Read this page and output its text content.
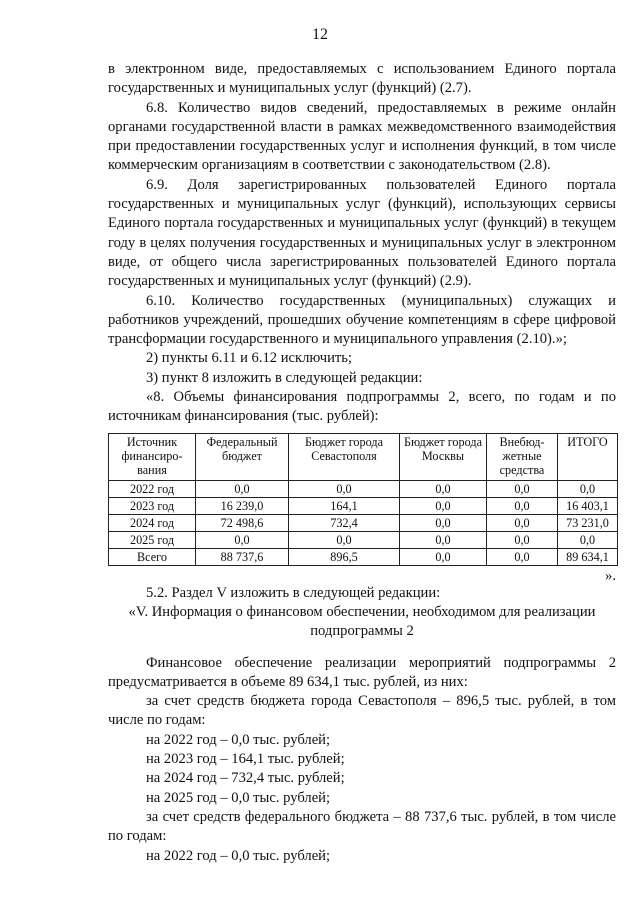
12

в электронном виде, предоставляемых с использованием Единого портала государственных и муниципальных услуг (функций) (2.7).

6.8. Количество видов сведений, предоставляемых в режиме онлайн органами государственной власти в рамках межведомственного взаимодействия при предоставлении государственных услуг и исполнения функций, в том числе коммерческим организациям в соответствии с законодательством (2.8).

6.9. Доля зарегистрированных пользователей Единого портала государственных и муниципальных услуг (функций), использующих сервисы Единого портала государственных и муниципальных услуг (функций) в текущем году в целях получения государственных и муниципальных услуг в электронном виде, от общего числа зарегистрированных пользователей Единого портала государственных и муниципальных услуг (функций) (2.9).

6.10. Количество государственных (муниципальных) служащих и работников учреждений, прошедших обучение компетенциям в сфере цифровой трансформации государственного и муниципального управления (2.10).»;

2) пункты 6.11 и 6.12 исключить;

3) пункт 8 изложить в следующей редакции:

«8. Объемы финансирования подпрограммы 2, всего, по годам и по источникам финансирования (тыс. рублей):

Источник финансиро-вания	Федеральный бюджет	Бюджет города Севастополя	Бюджет города Москвы	Внебюд-жетные средства	ИТОГО
2022 год	0,0	0,0	0,0	0,0	0,0
2023 год	16 239,0	164,1	0,0	0,0	16 403,1
2024 год	72 498,6	732,4	0,0	0,0	73 231,0
2025 год	0,0	0,0	0,0	0,0	0,0
Всего	88 737,6	896,5	0,0	0,0	89 634,1
».

5.2. Раздел V изложить в следующей редакции:

«V. Информация о финансовом обеспечении, необходимом для реализации подпрограммы 2

Финансовое обеспечение реализации мероприятий подпрограммы 2 предусматривается в объеме 89 634,1 тыс. рублей, из них:

за счет средств бюджета города Севастополя – 896,5 тыс. рублей, в том числе по годам:

на 2022 год – 0,0 тыс. рублей;

на 2023 год – 164,1 тыс. рублей;

на 2024 год – 732,4 тыс. рублей;

на 2025 год – 0,0 тыс. рублей;

за счет средств федерального бюджета – 88 737,6 тыс. рублей, в том числе по годам:

на 2022 год – 0,0 тыс. рублей;
